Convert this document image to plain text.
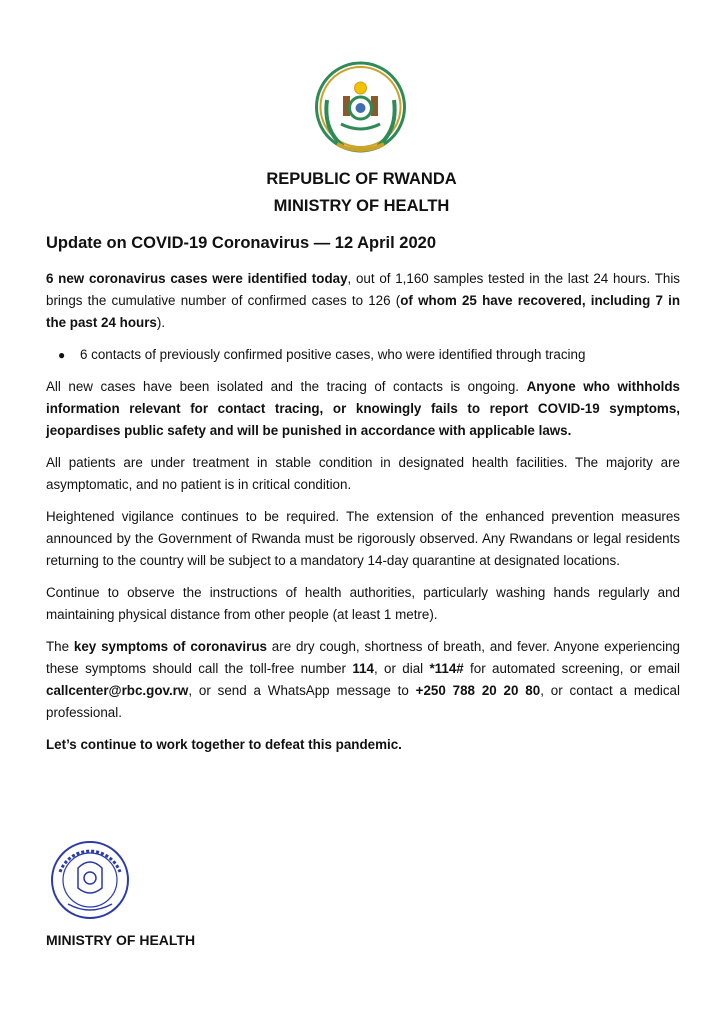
REPUBLIC OF RWANDA
MINISTRY OF HEALTH
Update on COVID-19 Coronavirus — 12 April 2020

6 new coronavirus cases were identified today, out of 1,160 samples tested in the last 24 hours. This brings the cumulative number of confirmed cases to 126 (of whom 25 have recovered, including 7 in the past 24 hours).

●	6 contacts of previously confirmed positive cases, who were identified through tracing

All new cases have been isolated and the tracing of contacts is ongoing. Anyone who withholds information relevant for contact tracing, or knowingly fails to report COVID-19 symptoms, jeopardises public safety and will be punished in accordance with applicable laws.

All patients are under treatment in stable condition in designated health facilities. The majority are asymptomatic, and no patient is in critical condition.

Heightened vigilance continues to be required. The extension of the enhanced prevention measures announced by the Government of Rwanda must be rigorously observed. Any Rwandans or legal residents returning to the country will be subject to a mandatory 14-day quarantine at designated locations.

Continue to observe the instructions of health authorities, particularly washing hands regularly and maintaining physical distance from other people (at least 1 metre).

The key symptoms of coronavirus are dry cough, shortness of breath, and fever. Anyone experiencing these symptoms should call the toll-free number 114, or dial *114# for automated screening, or email callcenter@rbc.gov.rw, or send a WhatsApp message to +250 788 20 20 80, or contact a medical professional.

Let’s continue to work together to defeat this pandemic.

MINISTRY OF HEALTH
